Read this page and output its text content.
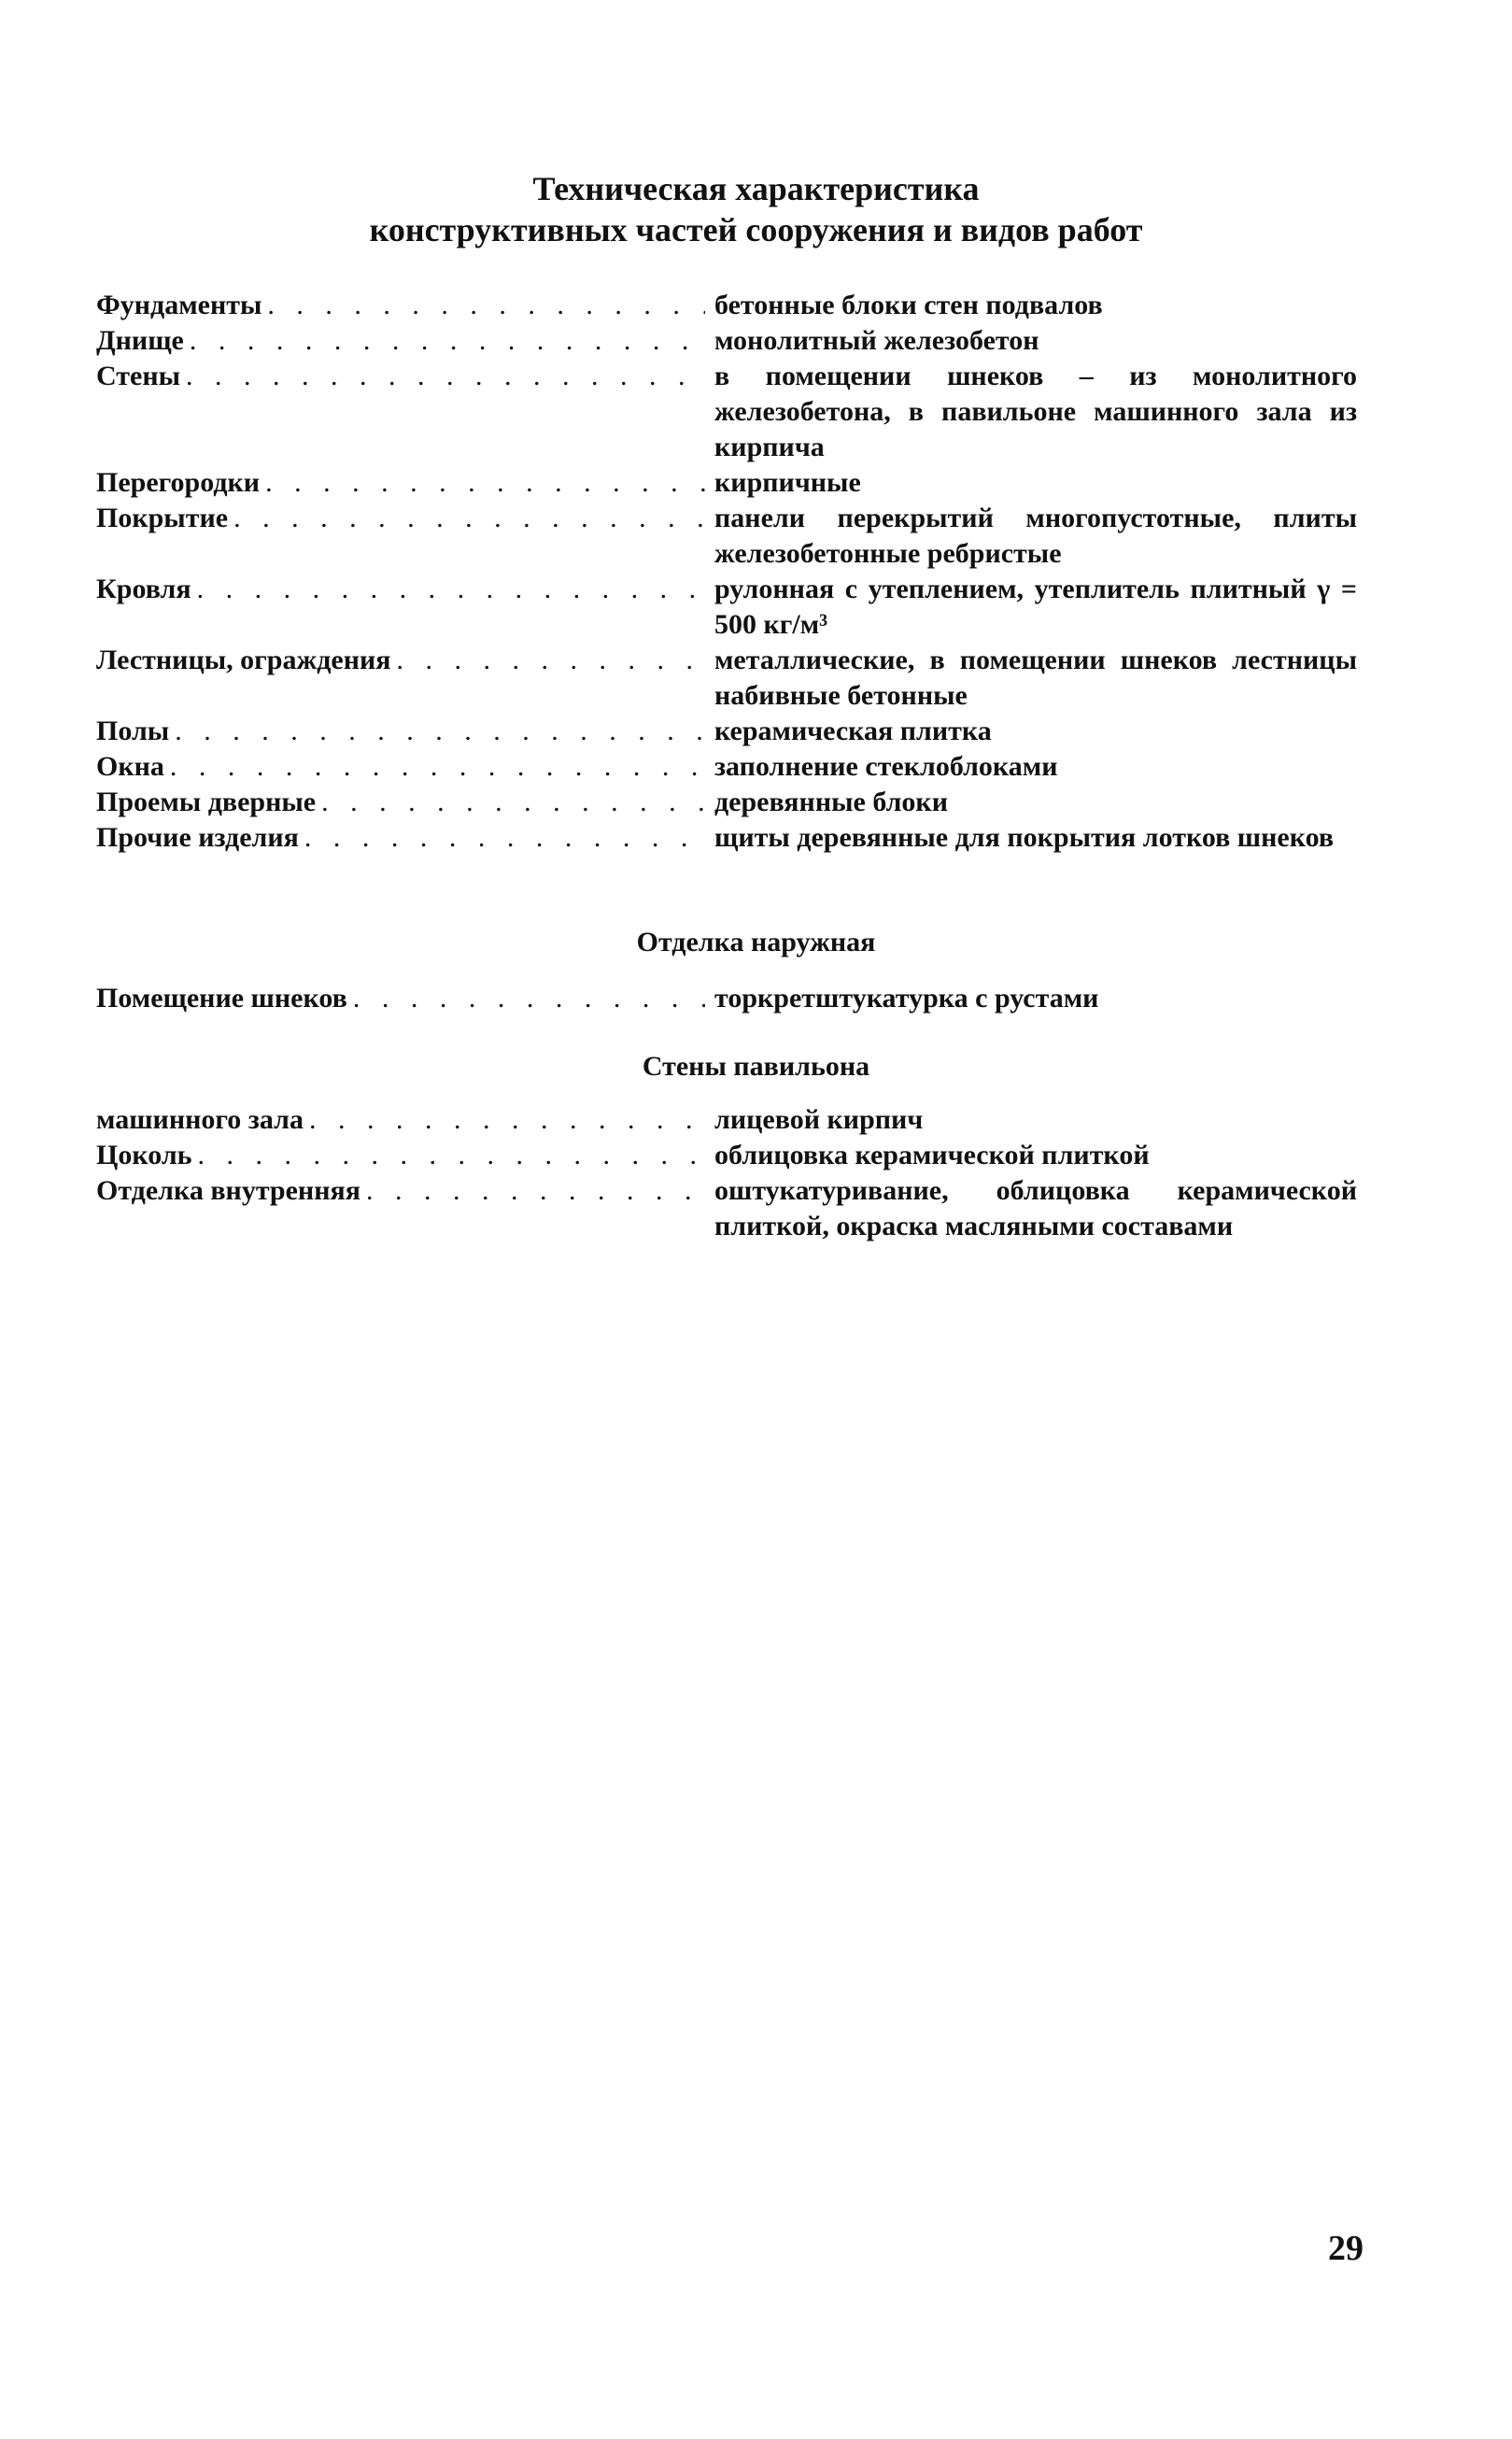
Техническая характеристика
конструктивных частей сооружения и видов работ
Фундаменты . . .	бетонные блоки стен подвалов
Днище . . .	монолитный железобетон
Стены . . .	в помещении шнеков – из монолитного железобетона, в павильоне машинного зала из кирпича
Перегородки . . .	кирпичные
Покрытие . . .	панели перекрытий многопустотные, плиты железобетонные ребристые
Кровля . . .	рулонная с утеплением, утеплитель плитный γ = 500 кг/м³
Лестницы, ограждения . . .	металлические, в помещении шнеков лестницы набивные бетонные
Полы . . .	керамическая плитка
Окна . . .	заполнение стеклоблоками
Проемы дверные . . .	деревянные блоки
Прочие изделия . . .	щиты деревянные для покрытия лотков шнеков
Отделка наружная
Помещение шнеков . . .	торкретштукатурка с рустами
Стены павильона
машинного зала . . .	лицевой кирпич
Цоколь . . .	облицовка керамической плиткой
Отделка внутренняя . . .	оштукатуривание, облицовка керамической плиткой, окраска масляными составами
29
